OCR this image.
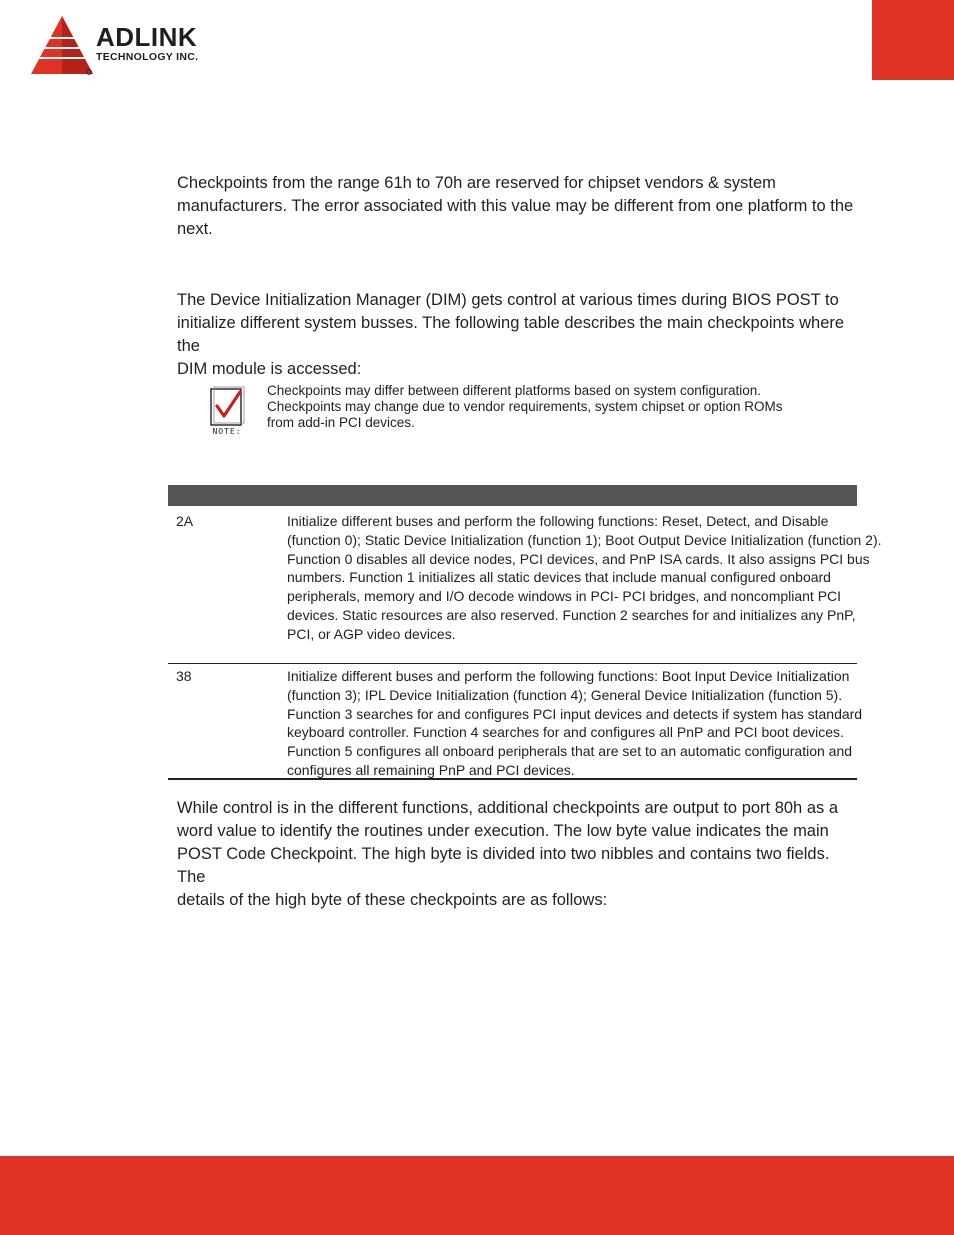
ADLINK
TECHNOLOGY INC.

Checkpoints from the range 61h to 70h are reserved for chipset vendors & system
manufacturers. The error associated with this value may be different from one platform to the next.

The Device Initialization Manager (DIM) gets control at various times during BIOS POST to
initialize different system busses. The following table describes the main checkpoints where the
DIM module is accessed:

NOTE:

Checkpoints may differ between different platforms based on system configuration.
Checkpoints may change due to vendor requirements, system chipset or option ROMs
from add-in PCI devices.

2A	Initialize different buses and perform the following functions: Reset, Detect, and Disable
(function 0); Static Device Initialization (function 1); Boot Output Device Initialization (function 2).
Function 0 disables all device nodes, PCI devices, and PnP ISA cards. It also assigns PCI bus
numbers. Function 1 initializes all static devices that include manual configured onboard
peripherals, memory and I/O decode windows in PCI- PCI bridges, and noncompliant PCI
devices. Static resources are also reserved. Function 2 searches for and initializes any PnP,
PCI, or AGP video devices.
38	Initialize different buses and perform the following functions: Boot Input Device Initialization
(function 3); IPL Device Initialization (function 4); General Device Initialization (function 5).
Function 3 searches for and configures PCI input devices and detects if system has standard
keyboard controller. Function 4 searches for and configures all PnP and PCI boot devices.
Function 5 configures all onboard peripherals that are set to an automatic configuration and
configures all remaining PnP and PCI devices.

While control is in the different functions, additional checkpoints are output to port 80h as a
word value to identify the routines under execution. The low byte value indicates the main
POST Code Checkpoint. The high byte is divided into two nibbles and contains two fields. The
details of the high byte of these checkpoints are as follows:
